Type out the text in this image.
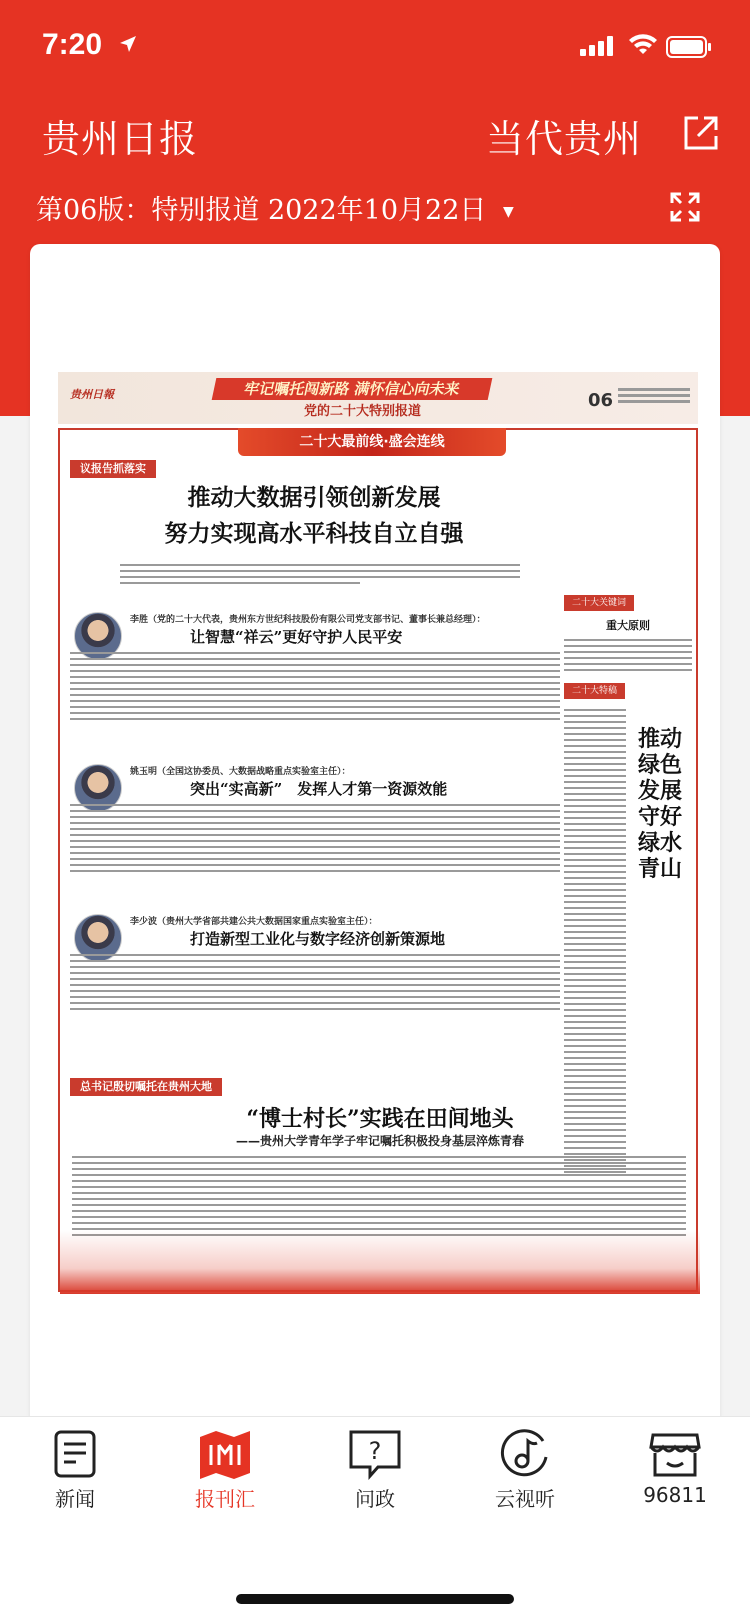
7:20
贵州日报	当代贵州
第06版：特别报道 2022年10月22日 ▼
贵州日報	牢记嘱托闯新路 满怀信心向未来
党的二十大特别报道
06
二十大最前线·盛会连线
议报告抓落实
推动大数据引领创新发展
努力实现高水平科技自立自强
李胜（党的二十大代表，贵州东方世纪科技股份有限公司党支部书记、董事长兼总经理）：
让智慧“祥云”更好守护人民平安
姚玉明（全国这协委员、大数据战略重点实验室主任）：
突出“实高新”　发挥人才第一资源效能
李少波（贵州大学省部共建公共大数据国家重点实验室主任）：
打造新型工业化与数字经济创新策源地
二十大关键词
重大原则
二十大特稿
推动绿色发展　守好绿水青山
总书记殷切嘱托在贵州大地
“博士村长”实践在田间地头
——贵州大学青年学子牢记嘱托积极投身基层淬炼青春
新闻	报刊汇
?
问政	云视听	96811
